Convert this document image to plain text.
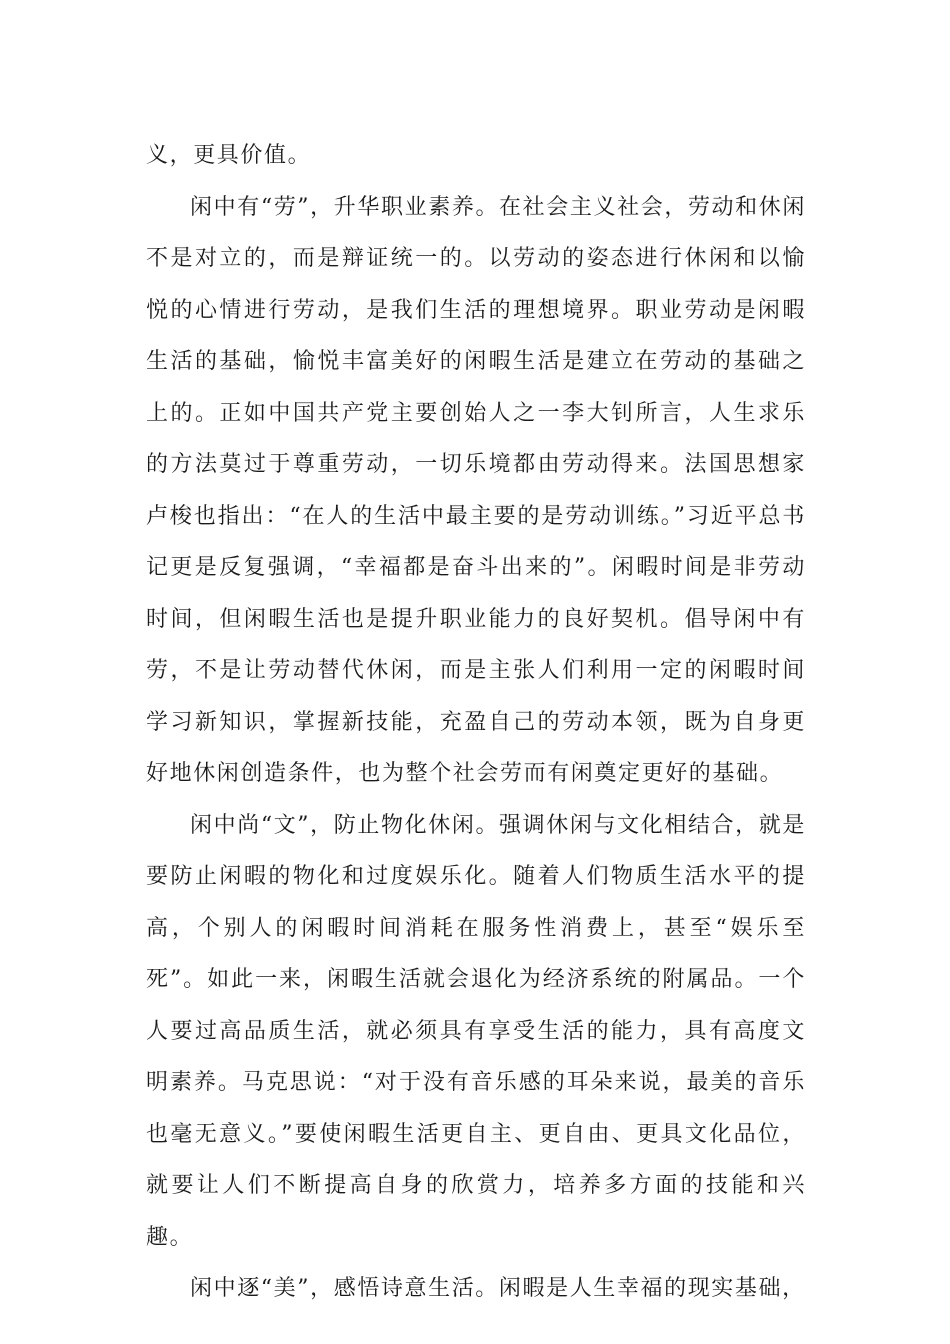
义，更具价值。

闲中有“劳”，升华职业素养。在社会主义社会，劳动和休闲不是对立的，而是辩证统一的。以劳动的姿态进行休闲和以愉悦的心情进行劳动，是我们生活的理想境界。职业劳动是闲暇生活的基础，愉悦丰富美好的闲暇生活是建立在劳动的基础之上的。正如中国共产党主要创始人之一李大钊所言，人生求乐的方法莫过于尊重劳动，一切乐境都由劳动得来。法国思想家卢梭也指出：“在人的生活中最主要的是劳动训练。”习近平总书记更是反复强调，“幸福都是奋斗出来的”。闲暇时间是非劳动时间，但闲暇生活也是提升职业能力的良好契机。倡导闲中有劳，不是让劳动替代休闲，而是主张人们利用一定的闲暇时间学习新知识，掌握新技能，充盈自己的劳动本领，既为自身更好地休闲创造条件，也为整个社会劳而有闲奠定更好的基础。

闲中尚“文”，防止物化休闲。强调休闲与文化相结合，就是要防止闲暇的物化和过度娱乐化。随着人们物质生活水平的提高，个别人的闲暇时间消耗在服务性消费上，甚至“娱乐至死”。如此一来，闲暇生活就会退化为经济系统的附属品。一个人要过高品质生活，就必须具有享受生活的能力，具有高度文明素养。马克思说：“对于没有音乐感的耳朵来说，最美的音乐也毫无意义。”要使闲暇生活更自主、更自由、更具文化品位，就要让人们不断提高自身的欣赏力，培养多方面的技能和兴趣。

闲中逐“美”，感悟诗意生活。闲暇是人生幸福的现实基础，
